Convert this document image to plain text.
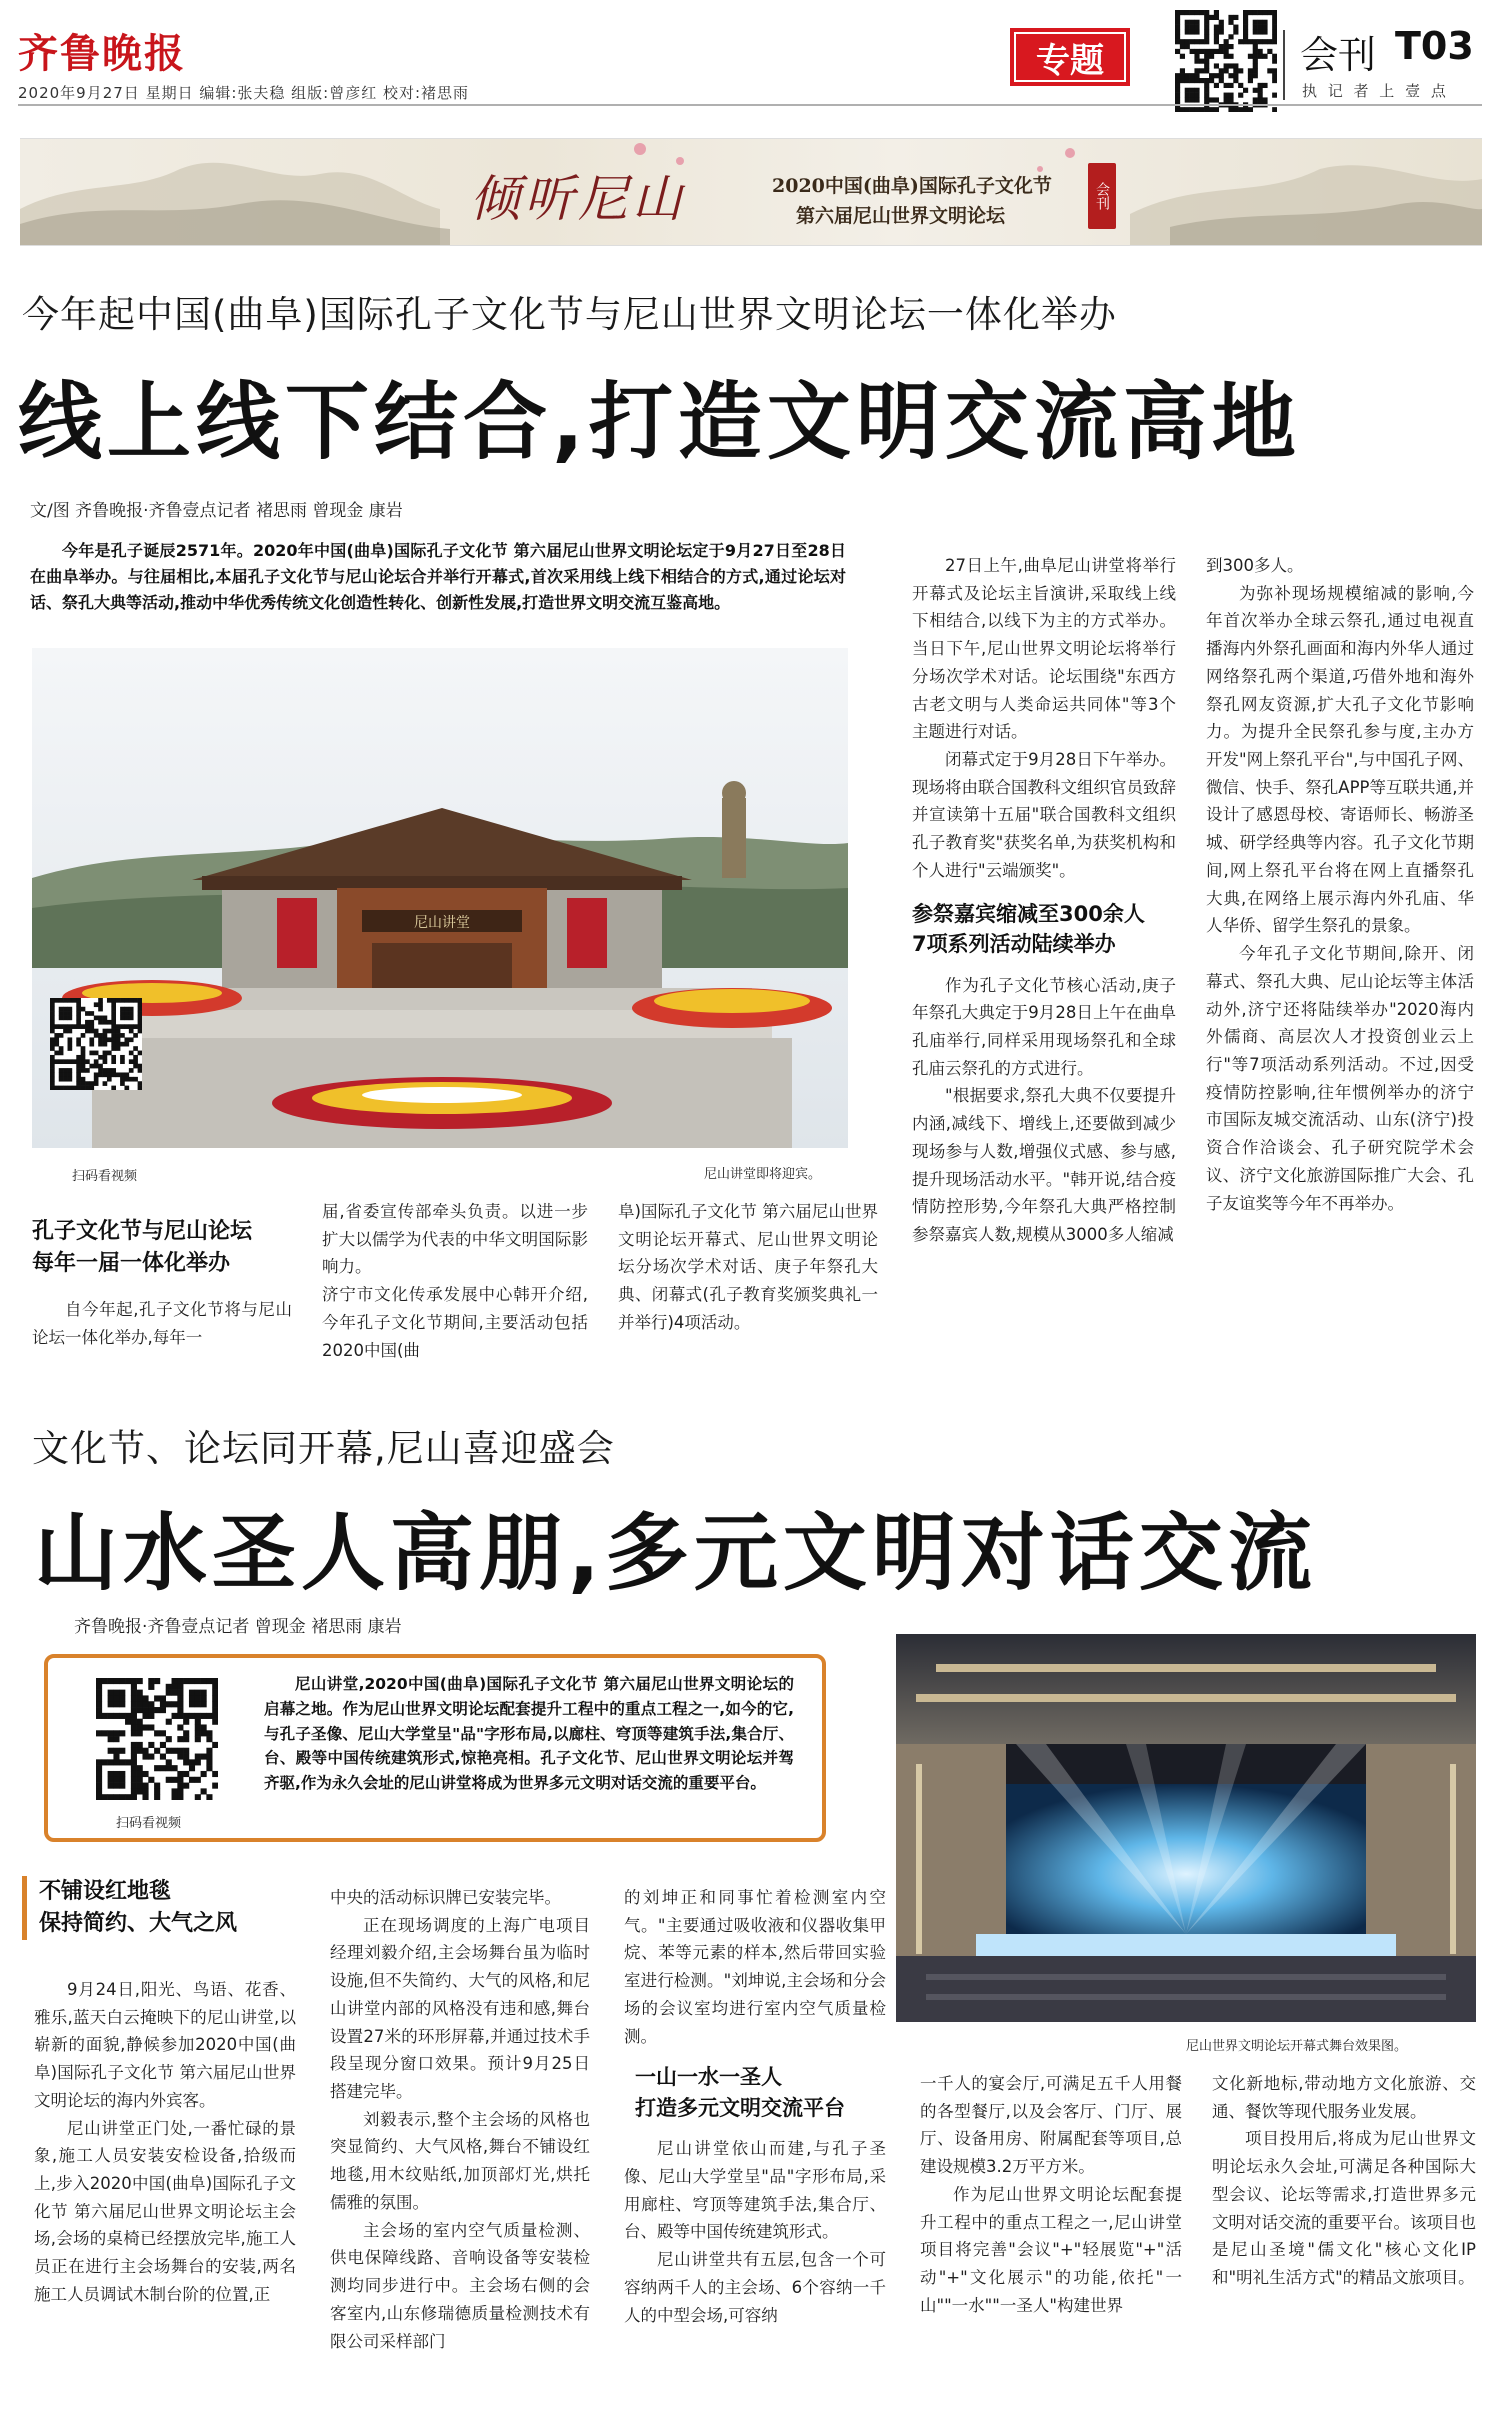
齐鲁晚报
2020年9月27日 星期日 编辑:张夫稳 组版:曾彦红 校对:褚思雨
专题	会刊 T03
执 记 者 上 壹 点
倾听尼山	2020中国(曲阜)国际孔子文化节
第六届尼山世界文明论坛
会刊
今年起中国(曲阜)国际孔子文化节与尼山世界文明论坛一体化举办
线上线下结合,打造文明交流高地
文/图 齐鲁晚报·齐鲁壹点记者 褚思雨 曾现金 康岩
今年是孔子诞辰2571年。2020年中国(曲阜)国际孔子文化节 第六届尼山世界文明论坛定于9月27日至28日在曲阜举办。与往届相比,本届孔子文化节与尼山论坛合并举行开幕式,首次采用线上线下相结合的方式,通过论坛对话、祭孔大典等活动,推动中华优秀传统文化创造性转化、创新性发展,打造世界文明交流互鉴高地。
尼山讲堂
扫码看视频	尼山讲堂即将迎宾。
孔子文化节与尼山论坛
每年一届一体化举办

自今年起,孔子文化节将与尼山论坛一体化举办,每年一

届,省委宣传部牵头负责。以进一步扩大以儒学为代表的中华文明国际影响力。
济宁市文化传承发展中心韩开介绍,今年孔子文化节期间,主要活动包括2020中国(曲
阜)国际孔子文化节 第六届尼山世界文明论坛开幕式、尼山世界文明论坛分场次学术对话、庚子年祭孔大典、闭幕式(孔子教育奖颁奖典礼一并举行)4项活动。

27日上午,曲阜尼山讲堂将举行开幕式及论坛主旨演讲,采取线上线下相结合,以线下为主的方式举办。当日下午,尼山世界文明论坛将举行分场次学术对话。论坛围绕"东西方古老文明与人类命运共同体"等3个主题进行对话。

闭幕式定于9月28日下午举办。现场将由联合国教科文组织官员致辞并宣读第十五届"联合国教科文组织孔子教育奖"获奖名单,为获奖机构和个人进行"云端颁奖"。

参祭嘉宾缩减至300余人
7项系列活动陆续举办

作为孔子文化节核心活动,庚子年祭孔大典定于9月28日上午在曲阜孔庙举行,同样采用现场祭孔和全球孔庙云祭孔的方式进行。

"根据要求,祭孔大典不仅要提升内涵,减线下、增线上,还要做到减少现场参与人数,增强仪式感、参与感,提升现场活动水平。"韩开说,结合疫情防控形势,今年祭孔大典严格控制参祭嘉宾人数,规模从3000多人缩减

到300多人。

为弥补现场规模缩减的影响,今年首次举办全球云祭孔,通过电视直播海内外祭孔画面和海内外华人通过网络祭孔两个渠道,巧借外地和海外祭孔网友资源,扩大孔子文化节影响力。为提升全民祭孔参与度,主办方开发"网上祭孔平台",与中国孔子网、微信、快手、祭孔APP等互联共通,并设计了感恩母校、寄语师长、畅游圣城、研学经典等内容。孔子文化节期间,网上祭孔平台将在网上直播祭孔大典,在网络上展示海内外孔庙、华人华侨、留学生祭孔的景象。

今年孔子文化节期间,除开、闭幕式、祭孔大典、尼山论坛等主体活动外,济宁还将陆续举办"2020海内外儒商、高层次人才投资创业云上行"等7项活动系列活动。不过,因受疫情防控影响,往年惯例举办的济宁市国际友城交流活动、山东(济宁)投资合作洽谈会、孔子研究院学术会议、济宁文化旅游国际推广大会、孔子友谊奖等今年不再举办。

文化节、论坛同开幕,尼山喜迎盛会
山水圣人高朋,多元文明对话交流
齐鲁晚报·齐鲁壹点记者 曾现金 褚思雨 康岩
扫码看视频
尼山讲堂,2020中国(曲阜)国际孔子文化节 第六届尼山世界文明论坛的启幕之地。作为尼山世界文明论坛配套提升工程中的重点工程之一,如今的它,与孔子圣像、尼山大学堂呈"品"字形布局,以廊柱、穹顶等建筑手法,集合厅、台、殿等中国传统建筑形式,惊艳亮相。孔子文化节、尼山世界文明论坛并驾齐驱,作为永久会址的尼山讲堂将成为世界多元文明对话交流的重要平台。
尼山世界文明论坛开幕式舞台效果图。
不铺设红地毯
保持简约、大气之风

9月24日,阳光、鸟语、花香、雅乐,蓝天白云掩映下的尼山讲堂,以崭新的面貌,静候参加2020中国(曲阜)国际孔子文化节 第六届尼山世界文明论坛的海内外宾客。

尼山讲堂正门处,一番忙碌的景象,施工人员安装安检设备,拾级而上,步入2020中国(曲阜)国际孔子文化节 第六届尼山世界文明论坛主会场,会场的桌椅已经摆放完毕,施工人员正在进行主会场舞台的安装,两名施工人员调试木制台阶的位置,正

中央的活动标识牌已安装完毕。

正在现场调度的上海广电项目经理刘毅介绍,主会场舞台虽为临时设施,但不失简约、大气的风格,和尼山讲堂内部的风格没有违和感,舞台设置27米的环形屏幕,并通过技术手段呈现分窗口效果。预计9月25日搭建完毕。

刘毅表示,整个主会场的风格也突显简约、大气风格,舞台不铺设红地毯,用木纹贴纸,加顶部灯光,烘托儒雅的氛围。

主会场的室内空气质量检测、供电保障线路、音响设备等安装检测均同步进行中。主会场右侧的会客室内,山东修瑞德质量检测技术有限公司采样部门

的刘坤正和同事忙着检测室内空气。"主要通过吸收液和仪器收集甲烷、苯等元素的样本,然后带回实验室进行检测。"刘坤说,主会场和分会场的会议室均进行室内空气质量检测。

一山一水一圣人
打造多元文明交流平台

尼山讲堂依山而建,与孔子圣像、尼山大学堂呈"品"字形布局,采用廊柱、穹顶等建筑手法,集合厅、台、殿等中国传统建筑形式。

尼山讲堂共有五层,包含一个可容纳两千人的主会场、6个容纳一千人的中型会场,可容纳

一千人的宴会厅,可满足五千人用餐的各型餐厅,以及会客厅、门厅、展厅、设备用房、附属配套等项目,总建设规模3.2万平方米。

作为尼山世界文明论坛配套提升工程中的重点工程之一,尼山讲堂项目将完善"会议"+"轻展览"+"活动"+"文化展示"的功能,依托"一山""一水""一圣人"构建世界

文化新地标,带动地方文化旅游、交通、餐饮等现代服务业发展。

项目投用后,将成为尼山世界文明论坛永久会址,可满足各种国际大型会议、论坛等需求,打造世界多元文明对话交流的重要平台。该项目也是尼山圣境"儒文化"核心文化IP和"明礼生活方式"的精品文旅项目。
